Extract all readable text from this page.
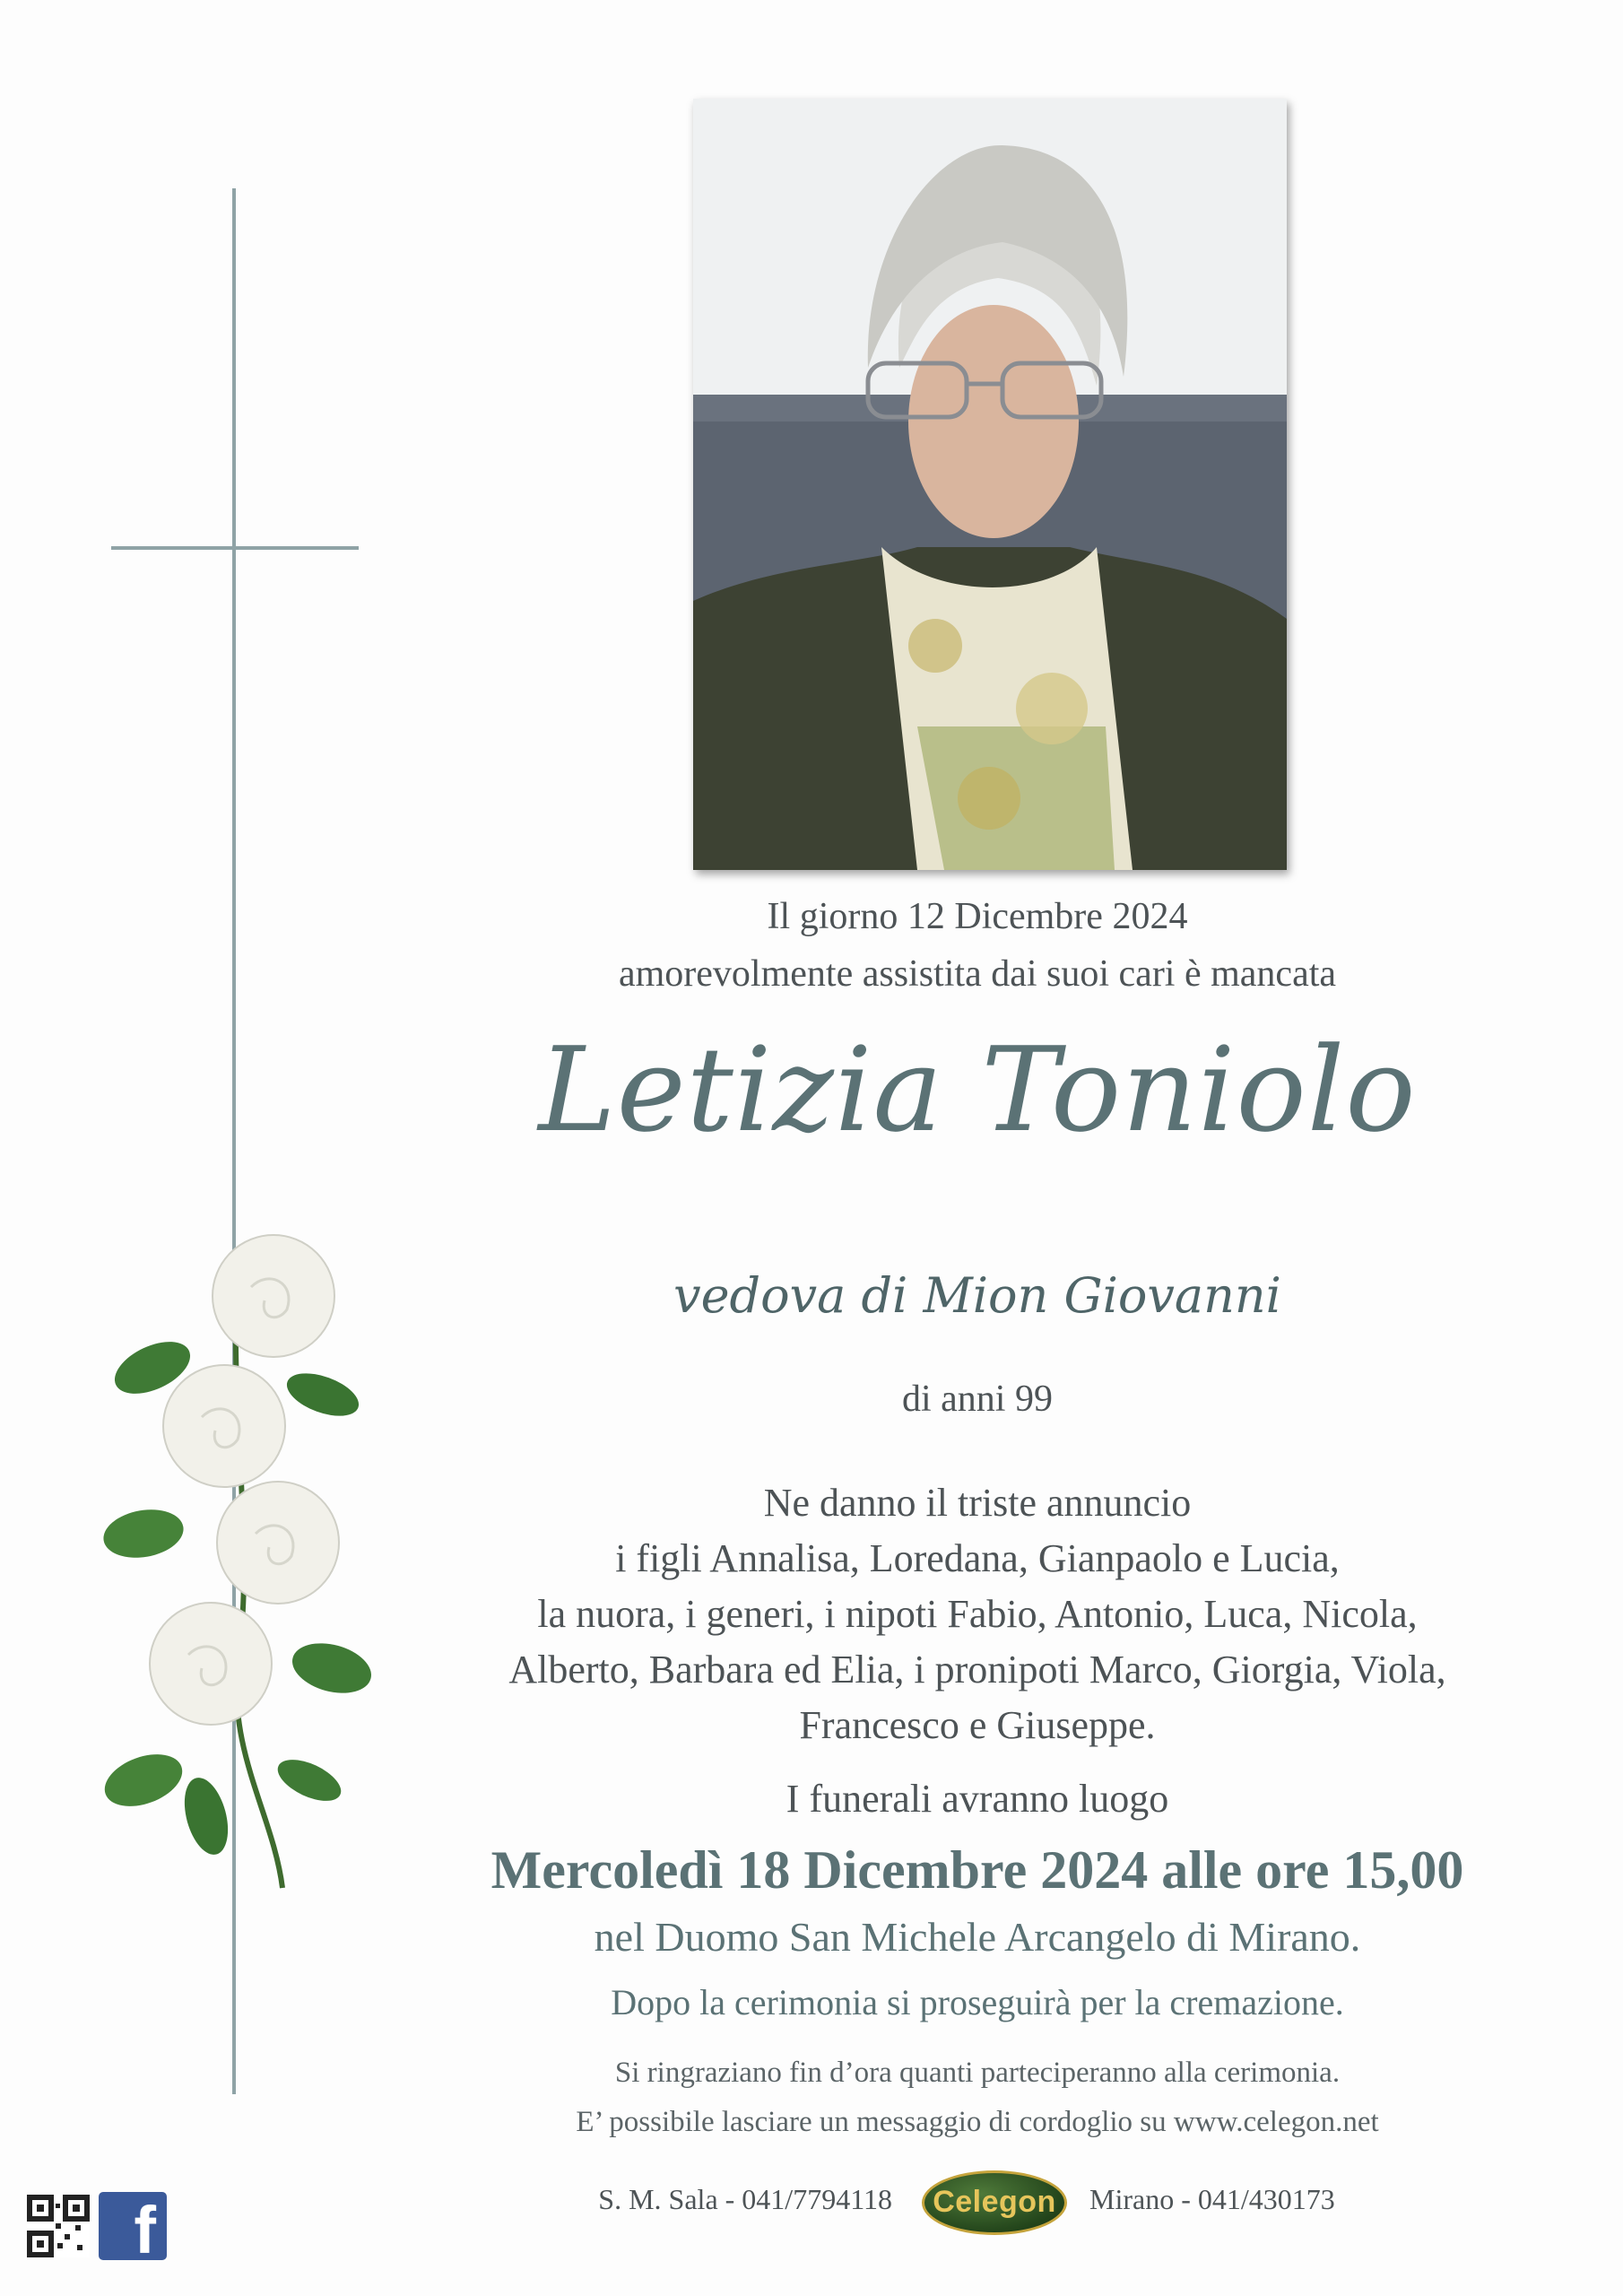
Il giorno 12 Dicembre 2024
amorevolmente assistita dai suoi cari è mancata
Letizia Toniolo
vedova di Mion Giovanni
di anni 99
Ne danno il triste annuncio
i figli Annalisa, Loredana, Gianpaolo e Lucia,
la nuora, i generi, i nipoti Fabio, Antonio, Luca, Nicola,
Alberto, Barbara ed Elia, i pronipoti Marco, Giorgia, Viola,
Francesco e Giuseppe.
I funerali avranno luogo
Mercoledì 18 Dicembre 2024 alle ore 15,00
nel Duomo San Michele Arcangelo di Mirano.
Dopo la cerimonia si proseguirà per la cremazione.
Si ringraziano fin d’ora quanti parteciperanno alla cerimonia.
E’ possibile lasciare un messaggio di cordoglio su www.celegon.net
S. M. Sala - 041/7794118 Celegon Mirano - 041/430173
f
